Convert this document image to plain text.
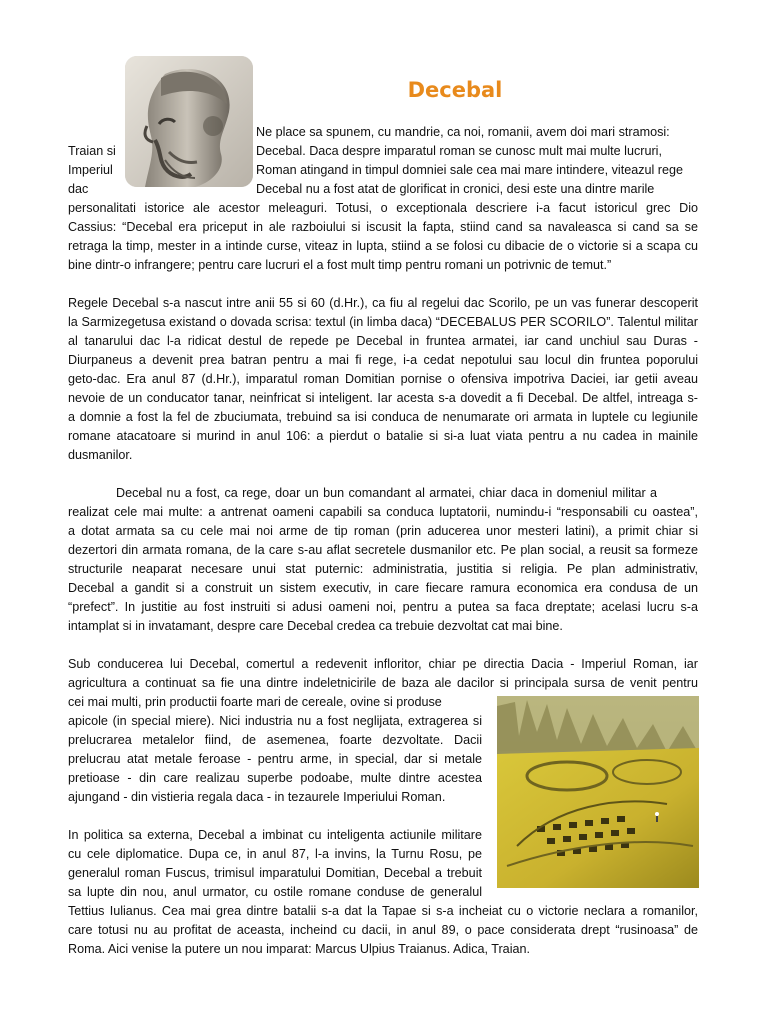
Decebal
Ne place sa spunem, cu mandrie, ca noi, romanii, avem doi mari stramosi:
Traian si	Decebal. Daca despre imparatul roman se cunosc mult mai multe lucruri,
Imperiul	Roman atingand in timpul domniei sale cea mai mare intindere, viteazul rege
dac	Decebal nu a fost atat de glorificat in cronici, desi este una dintre marile
personalitati istorice ale acestor meleaguri. Totusi, o exceptionala descriere i-a facut istoricul grec Dio
Cassius: “Decebal era priceput in ale razboiului si iscusit la fapta, stiind cand sa navaleasca si cand sa se
retraga la timp, mester in a intinde curse, viteaz in lupta, stiind a se folosi cu dibacie de o victorie si a scapa cu
bine dintr-o infrangere; pentru care lucruri el a fost mult timp pentru romani un potrivnic de temut.”
Regele Decebal s-a nascut intre anii 55 si 60 (d.Hr.), ca fiu al regelui dac Scorilo, pe un vas funerar descoperit
la Sarmizegetusa existand o dovada scrisa: textul (in limba daca) “DECEBALUS PER SCORILO”. Talentul militar
al tanarului dac l-a ridicat destul de repede pe Decebal in fruntea armatei, iar cand unchiul sau Duras -
Diurpaneus a devenit prea batran pentru a mai fi rege, i-a cedat nepotului sau locul din fruntea poporului
geto-dac. Era anul 87 (d.Hr.), imparatul roman Domitian pornise o ofensiva impotriva Daciei, iar getii aveau
nevoie de un conducator tanar, neinfricat si inteligent. Iar acesta s-a dovedit a fi Decebal. De altfel, intreaga s-
a domnie a fost la fel de zbuciumata, trebuind sa isi conduca de nenumarate ori armata in luptele cu legiunile
romane atacatoare si murind in anul 106: a pierdut o batalie si si-a luat viata pentru a nu cadea in mainile
dusmanilor.
Decebal nu a fost, ca rege, doar un bun comandant al armatei, chiar daca in domeniul militar a
realizat cele mai multe: a antrenat oameni capabili sa conduca luptatorii, numindu-i “responsabili cu oastea”,
a dotat armata sa cu cele mai noi arme de tip roman (prin aducerea unor mesteri latini), a primit chiar si
dezertori din armata romana, de la care s-au aflat secretele dusmanilor etc. Pe plan social, a reusit sa formeze
structurile neaparat necesare unui stat puternic: administratia, justitia si religia. Pe plan administrativ,
Decebal a gandit si a construit un sistem executiv, in care fiecare ramura economica era condusa de un
“prefect”. In justitie au fost instruiti si adusi oameni noi, pentru a putea sa faca dreptate; acelasi lucru s-a
intamplat si in invatamant, despre care Decebal credea ca trebuie dezvoltat cat mai bine.
Sub conducerea lui Decebal, comertul a redevenit infloritor, chiar pe directia Dacia - Imperiul Roman, iar
agricultura a continuat sa fie una dintre indeletnicirile de baza ale dacilor si principala sursa de venit pentru
cei mai multi, prin productii foarte mari de cereale, ovine si produse
apicole (in special miere). Nici industria nu a fost neglijata, extragerea si
prelucrarea metalelor fiind, de asemenea, foarte dezvoltate. Dacii
prelucrau atat metale feroase - pentru arme, in special, dar si metale
pretioase - din care realizau superbe podoabe, multe dintre acestea
ajungand - din vistieria regala daca - in tezaurele Imperiului Roman.
In politica sa externa, Decebal a imbinat cu inteligenta actiunile militare
cu cele diplomatice. Dupa ce, in anul 87, l-a invins, la Turnu Rosu, pe
generalul roman Fuscus, trimisul imparatului Domitian, Decebal a trebuit
sa lupte din nou, anul urmator, cu ostile romane conduse de generalul
Tettius Iulianus. Cea mai grea dintre batalii s-a dat la Tapae si s-a incheiat cu o victorie neclara a romanilor,
care totusi nu au profitat de aceasta, incheind cu dacii, in anul 89, o pace considerata drept “rusinoasa” de
Roma. Aici venise la putere un nou imparat: Marcus Ulpius Traianus. Adica, Traian.
